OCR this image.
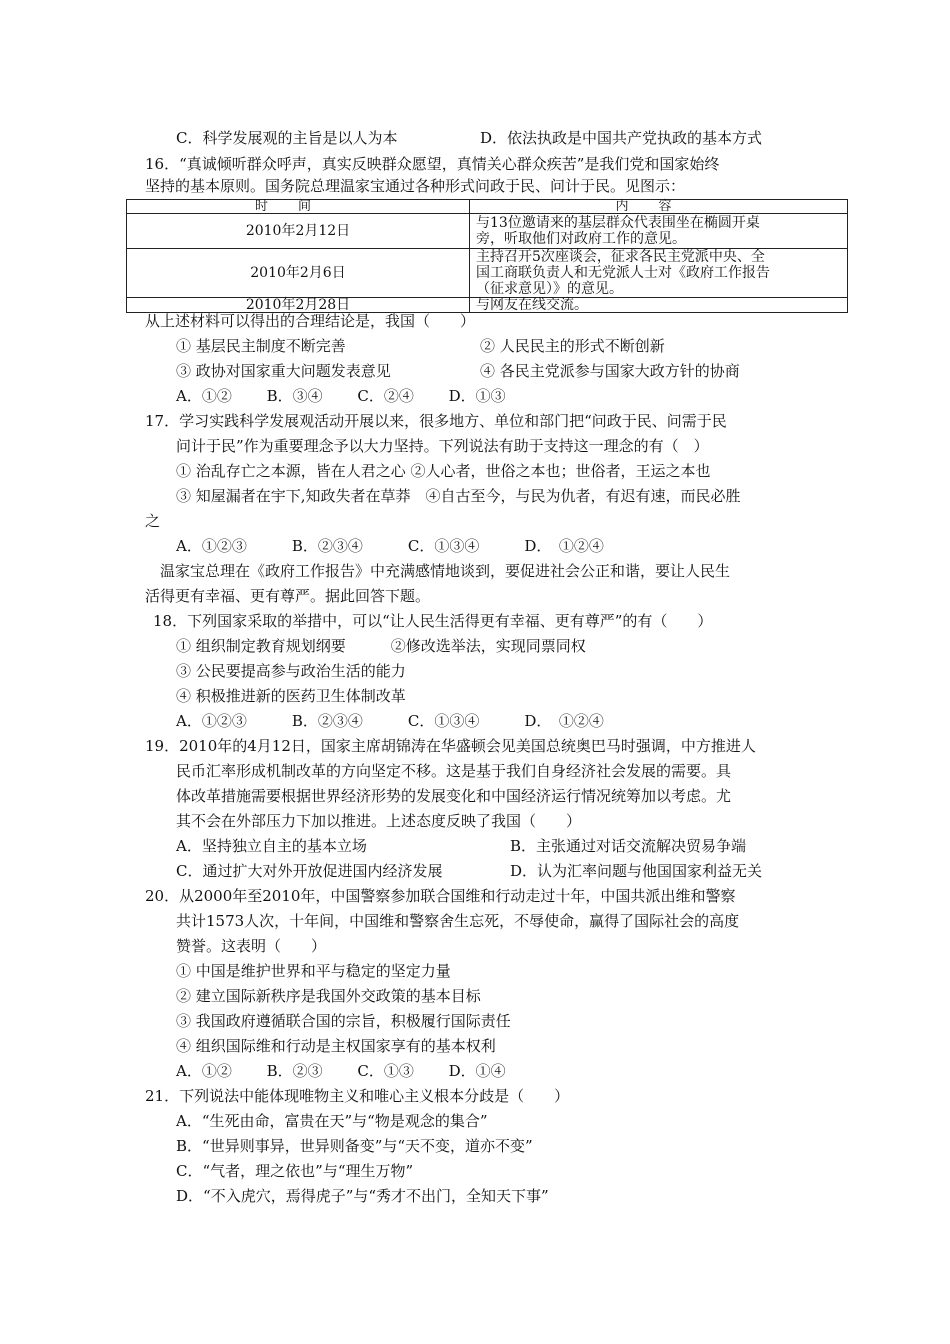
C．科学发展观的主旨是以人为本	D．依法执政是中国共产党执政的基本方式
16．“真诚倾听群众呼声，真实反映群众愿望，真情关心群众疾苦”是我们党和国家始终
坚持的基本原则。国务院总理温家宝通过各种形式问政于民、问计于民。见图示：
时间	内容
2010年2月12日	与13位邀请来的基层群众代表围坐在椭圆开桌
旁，听取他们对政府工作的意见。
2010年2月6日	主持召开5次座谈会，征求各民主党派中央、全
国工商联负责人和无党派人士对《政府工作报告
（征求意见）》的意见。
2010年2月28日	与网友在线交流。
从上述材料可以得出的合理结论是，我国（　　）
① 基层民主制度不断完善	② 人民民主的形式不断创新
③ 政协对国家重大问题发表意见	④ 各民主党派参与国家大政方针的协商
A．①②　　 B．③④　　 C．②④　　 D．①③
17．学习实践科学发展观活动开展以来，很多地方、单位和部门把“问政于民、问需于民
问计于民”作为重要理念予以大力坚持。下列说法有助于支持这一理念的有（　）
① 治乱存亡之本源，皆在人君之心 ②人心者，世俗之本也；世俗者，王运之本也
③ 知屋漏者在宇下,知政失者在草莽　④自古至今，与民为仇者，有迟有速，而民必胜
之
A．①②③　　　B．②③④　　　C．①③④　　　D．　①②④
温家宝总理在《政府工作报告》中充满感情地谈到，要促进社会公正和谐，要让人民生
活得更有幸福、更有尊严。据此回答下题。
18．下列国家采取的举措中，可以“让人民生活得更有幸福、更有尊严”的有（　　）
① 组织制定教育规划纲要　　　②修改选举法，实现同票同权
③ 公民要提高参与政治生活的能力
④ 积极推进新的医药卫生体制改革
A．①②③　　　B．②③④　　　C．①③④　　　D．　①②④
19．2010年的4月12日，国家主席胡锦涛在华盛顿会见美国总统奥巴马时强调，中方推进人
民币汇率形成机制改革的方向坚定不移。这是基于我们自身经济社会发展的需要。具
体改革措施需要根据世界经济形势的发展变化和中国经济运行情况统筹加以考虑。尤
其不会在外部压力下加以推进。上述态度反映了我国（　　）
A．坚持独立自主的基本立场	B．主张通过对话交流解决贸易争端
C．通过扩大对外开放促进国内经济发展	D．认为汇率问题与他国国家利益无关
20．从2000年至2010年，中国警察参加联合国维和行动走过十年，中国共派出维和警察
共计1573人次，十年间，中国维和警察舍生忘死，不辱使命，赢得了国际社会的高度
赞誉。这表明（　　）
① 中国是维护世界和平与稳定的坚定力量
② 建立国际新秩序是我国外交政策的基本目标
③ 我国政府遵循联合国的宗旨，积极履行国际责任
④ 组织国际维和行动是主权国家享有的基本权利
A．①②　　 B．②③　　 C．①③　　 D．①④
21．下列说法中能体现唯物主义和唯心主义根本分歧是（　　）
A．“生死由命，富贵在天”与“物是观念的集合”
B．“世异则事异，世异则备变”与“天不变，道亦不变”
C．“气者，理之依也”与“理生万物”
D．“不入虎穴，焉得虎子”与“秀才不出门，全知天下事”
